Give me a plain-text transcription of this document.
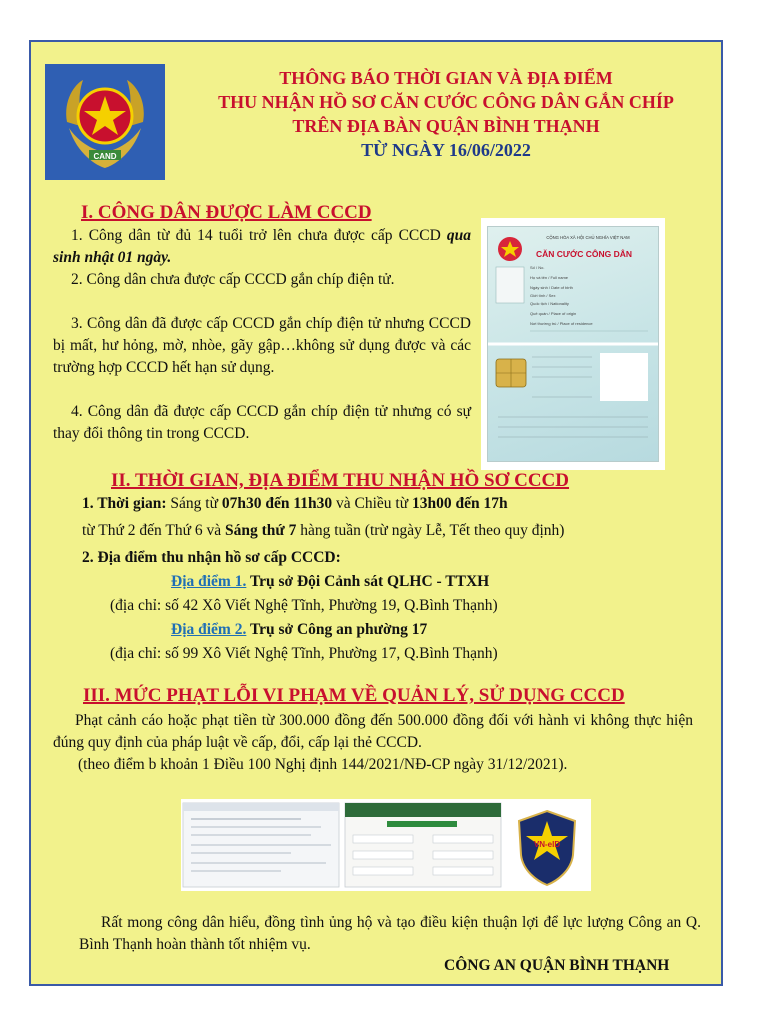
CAND
THÔNG BÁO THỜI GIAN VÀ ĐỊA ĐIỂM
THU NHẬN HỒ SƠ CĂN CƯỚC CÔNG DÂN GẮN CHÍP
TRÊN ĐỊA BÀN QUẬN BÌNH THẠNH
TỪ NGÀY 16/06/2022
I. CÔNG DÂN ĐƯỢC LÀM CCCD
1. Công dân từ đủ 14 tuổi trở lên chưa được cấp CCCD qua sinh nhật 01 ngày.
2. Công dân chưa được cấp CCCD gắn chíp điện tử.
3. Công dân đã được cấp CCCD gắn chíp điện tử nhưng CCCD bị mất, hư hỏng, mờ, nhòe, gãy gập…không sử dụng được và các trường hợp CCCD hết hạn sử dụng.
4. Công dân đã được cấp CCCD gắn chíp điện tử nhưng có sự thay đổi thông tin trong CCCD.
CỘNG HÒA XÃ HỘI CHỦ NGHĨA VIỆT NAM
CĂN CƯỚC CÔNG DÂN
Số / No.
Họ và tên / Full name
Ngày sinh / Date of birth
Giới tính / Sex
Quốc tịch / Nationality
Quê quán / Place of origin
Nơi thường trú / Place of residence
II. THỜI GIAN, ĐỊA ĐIỂM THU NHẬN HỒ SƠ CCCD
1. Thời gian: Sáng từ 07h30 đến 11h30 và Chiều từ 13h00 đến 17h
từ Thứ 2 đến Thứ 6 và Sáng thứ 7 hàng tuần (trừ ngày Lễ, Tết theo quy định)
2. Địa điểm thu nhận hồ sơ cấp CCCD:
Địa điểm 1. Trụ sở Đội Cảnh sát QLHC - TTXH
(địa chỉ: số 42 Xô Viết Nghệ Tĩnh, Phường 19, Q.Bình Thạnh)
Địa điểm 2. Trụ sở Công an phường 17
(địa chỉ: số 99 Xô Viết Nghệ Tĩnh, Phường 17, Q.Bình Thạnh)
III. MỨC PHẠT LỖI VI PHẠM VỀ QUẢN LÝ, SỬ DỤNG CCCD
Phạt cảnh cáo hoặc phạt tiền từ 300.000 đồng đến 500.000 đồng đối với hành vi không thực hiện đúng quy định của pháp luật về cấp, đổi, cấp lại thẻ CCCD.
(theo điểm b khoản 1 Điều 100 Nghị định 144/2021/NĐ-CP ngày 31/12/2021).
VN-eID
Rất mong công dân hiểu, đồng tình ủng hộ và tạo điều kiện thuận lợi để lực lượng Công an Q. Bình Thạnh hoàn thành tốt nhiệm vụ.
CÔNG AN QUẬN BÌNH THẠNH
